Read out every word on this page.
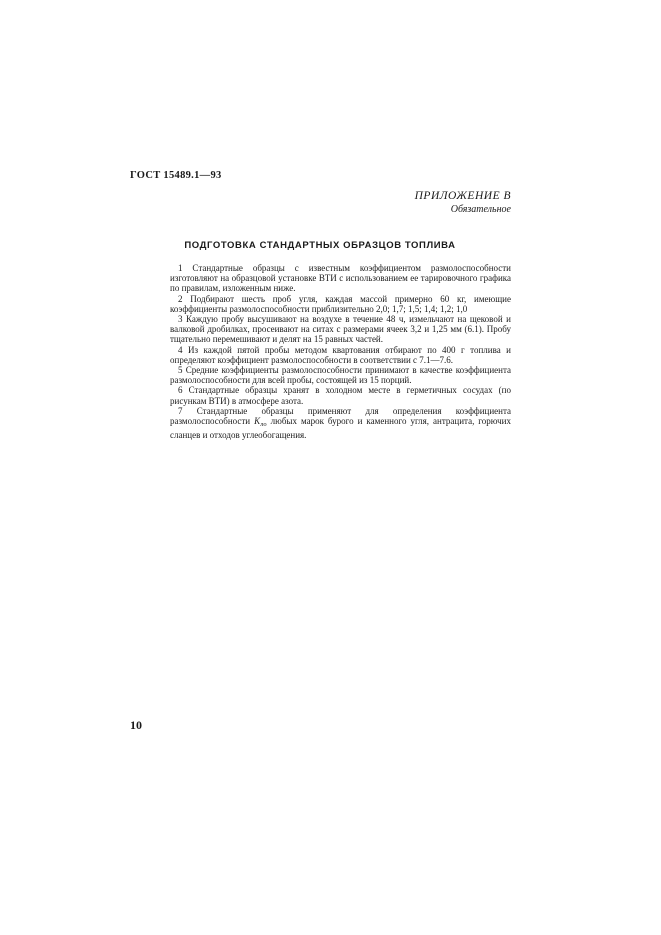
ГОСТ 15489.1—93
ПРИЛОЖЕНИЕ В
Обязательное
ПОДГОТОВКА СТАНДАРТНЫХ ОБРАЗЦОВ ТОПЛИВА

1 Стандартные образцы с известным коэффициентом размолоспособности изготовляют на образцовой установке ВТИ с использованием ее тарировочного графика по правилам, изложенным ниже.

2 Подбирают шесть проб угля, каждая массой примерно 60 кг, имеющие коэффициенты размолоспособности приблизительно 2,0; 1,7; 1,5; 1,4; 1,2; 1,0

3 Каждую пробу высушивают на воздухе в течение 48 ч, измельчают на щековой и валковой дробилках, просеивают на ситах с размерами ячеек 3,2 и 1,25 мм (6.1). Пробу тщательно перемешивают и делят на 15 равных частей.

4 Из каждой пятой пробы методом квартования отбирают по 400 г топлива и определяют коэффициент размолоспособности в соответствии с 7.1—7.6.

5 Средние коэффициенты размолоспособности принимают в качестве коэффициента размолоспособности для всей пробы, состоящей из 15 порций.

6 Стандартные образцы хранят в холодном месте в герметичных сосудах (по рисункам ВТИ) в атмосфере азота.

7 Стандартные образцы применяют для определения коэффициента размолоспособности $K_{ло}$ любых марок бурого и каменного угля, антрацита, горючих сланцев и отходов углеобогащения.

10
